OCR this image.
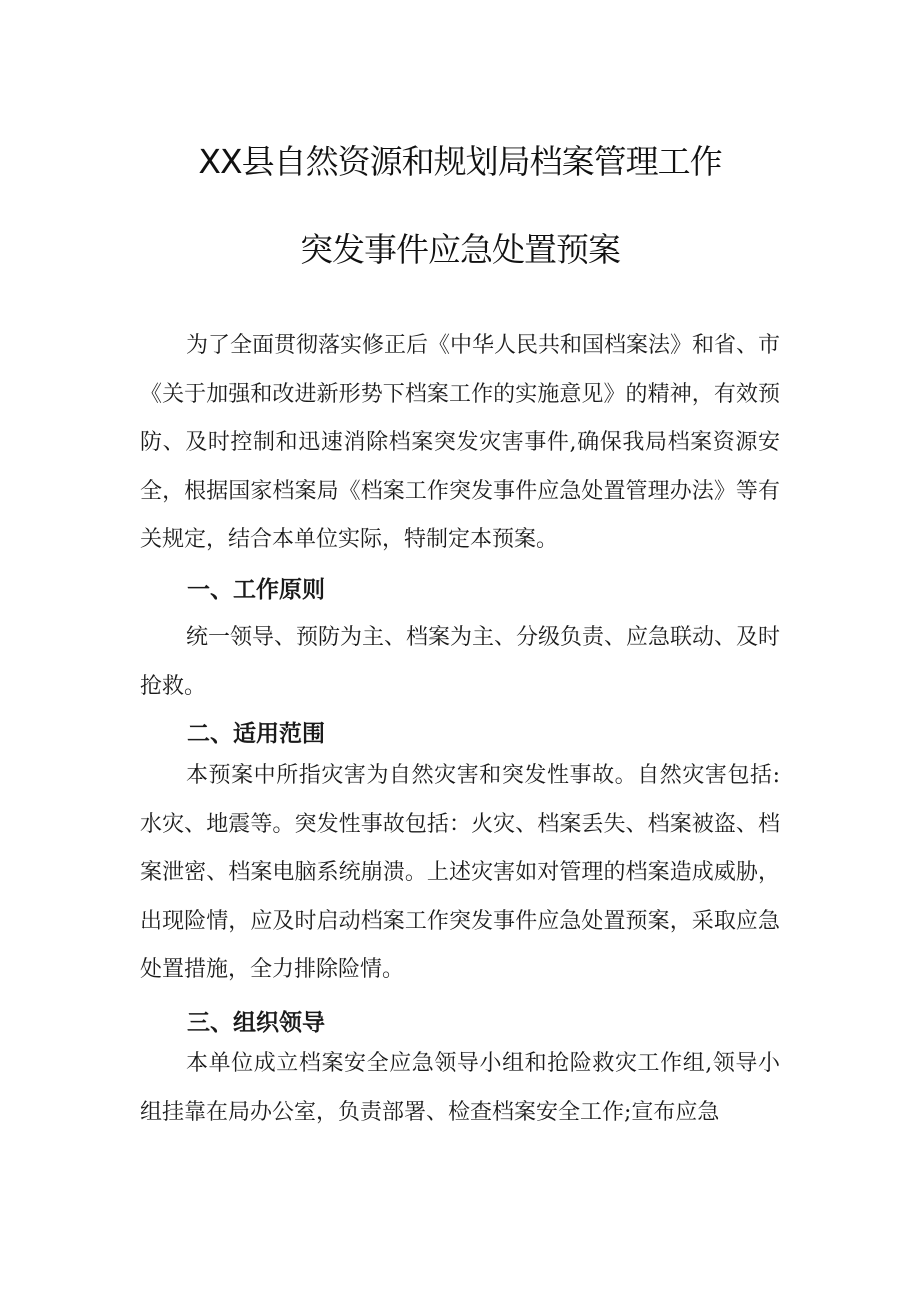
XX县自然资源和规划局档案管理工作
突发事件应急处置预案

为了全面贯彻落实修正后《中华人民共和国档案法》和省、市《关于加强和改进新形势下档案工作的实施意见》的精神，有效预防、及时控制和迅速消除档案突发灾害事件,确保我局档案资源安全，根据国家档案局《档案工作突发事件应急处置管理办法》等有关规定，结合本单位实际，特制定本预案。

一、工作原则

统一领导、预防为主、档案为主、分级负责、应急联动、及时抢救。

二、适用范围

本预案中所指灾害为自然灾害和突发性事故。自然灾害包括:水灾、地震等。突发性事故包括：火灾、档案丢失、档案被盗、档案泄密、档案电脑系统崩溃。上述灾害如对管理的档案造成威胁，出现险情，应及时启动档案工作突发事件应急处置预案，采取应急处置措施，全力排除险情。

三、组织领导

本单位成立档案安全应急领导小组和抢险救灾工作组,领导小组挂靠在局办公室，负责部署、检查档案安全工作;宣布应急
